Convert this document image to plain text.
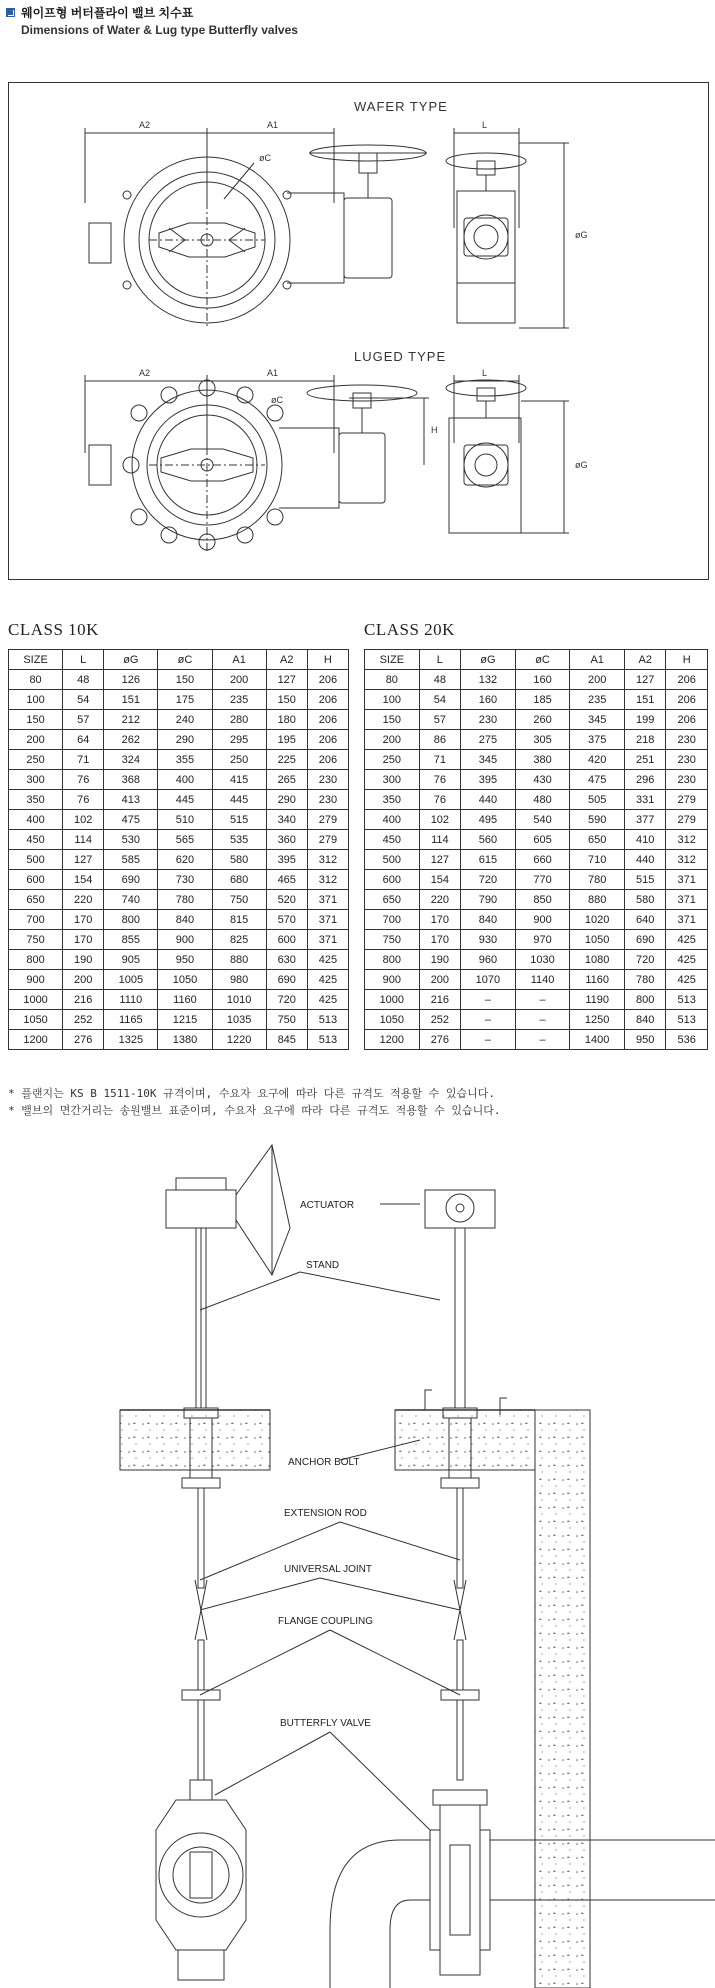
웨이프형 버터플라이 밸브 치수표
Dimensions of Water & Lug type Butterfly valves
WAFER TYPE
LUGED TYPE
A2	A1	L
øG
øC
A2	A1	L
øG
H
øC
CLASS 10K
SIZE	L	øG	øC	A1	A2	H
80	48	126	150	200	127	206
100	54	151	175	235	150	206
150	57	212	240	280	180	206
200	64	262	290	295	195	206
250	71	324	355	250	225	206
300	76	368	400	415	265	230
350	76	413	445	445	290	230
400	102	475	510	515	340	279
450	114	530	565	535	360	279
500	127	585	620	580	395	312
600	154	690	730	680	465	312
650	220	740	780	750	520	371
700	170	800	840	815	570	371
750	170	855	900	825	600	371
800	190	905	950	880	630	425
900	200	1005	1050	980	690	425
1000	216	1110	1160	1010	720	425
1050	252	1165	1215	1035	750	513
1200	276	1325	1380	1220	845	513
CLASS 20K
SIZE	L	øG	øC	A1	A2	H
80	48	132	160	200	127	206
100	54	160	185	235	151	206
150	57	230	260	345	199	206
200	86	275	305	375	218	230
250	71	345	380	420	251	230
300	76	395	430	475	296	230
350	76	440	480	505	331	279
400	102	495	540	590	377	279
450	114	560	605	650	410	312
500	127	615	660	710	440	312
600	154	720	770	780	515	371
650	220	790	850	880	580	371
700	170	840	900	1020	640	371
750	170	930	970	1050	690	425
800	190	960	1030	1080	720	425
900	200	1070	1140	1160	780	425
1000	216	–	–	1190	800	513
1050	252	–	–	1250	840	513
1200	276	–	–	1400	950	536
* 플랜지는 KS B 1511-10K 규격이며, 수요자 요구에 따라 다른 규격도 적용할 수 있습니다.
* 밸브의 면간거리는 송원밸브 표준이며, 수요자 요구에 따라 다른 규격도 적용할 수 있습니다.
ACTUATOR
STAND
ANCHOR BOLT
EXTENSION ROD
UNIVERSAL JOINT
FLANGE COUPLING
BUTTERFLY VALVE
